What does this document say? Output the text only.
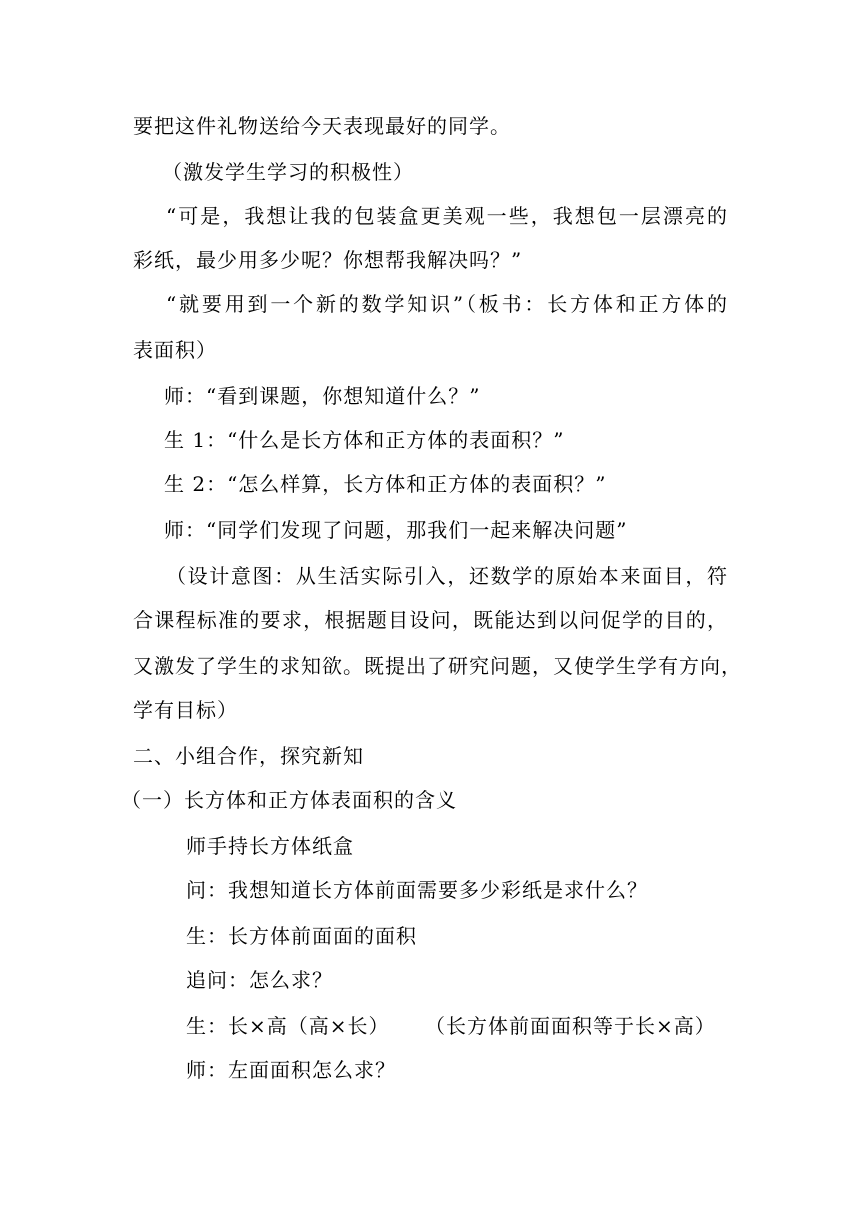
要把这件礼物送给今天表现最好的同学。
（激发学生学习的积极性）
“可是，我想让我的包装盒更美观一些，我想包一层漂亮的
彩纸，最少用多少呢？你想帮我解决吗？”
“就要用到一个新的数学知识”（板书：长方体和正方体的
表面积）
师：“看到课题，你想知道什么？”
生 1：“什么是长方体和正方体的表面积？”
生 2：“怎么样算，长方体和正方体的表面积？”
师：“同学们发现了问题，那我们一起来解决问题”
（设计意图：从生活实际引入，还数学的原始本来面目，符
合课程标准的要求，根据题目设问，既能达到以问促学的目的，
又激发了学生的求知欲。既提出了研究问题，又使学生学有方向，
学有目标）
二、小组合作，探究新知
（一）长方体和正方体表面积的含义
师手持长方体纸盒
问：我想知道长方体前面需要多少彩纸是求什么？
生：长方体前面面的面积
追问：怎么求？
生：长×高（高×长） （长方体前面面积等于长×高）
师：左面面积怎么求？
